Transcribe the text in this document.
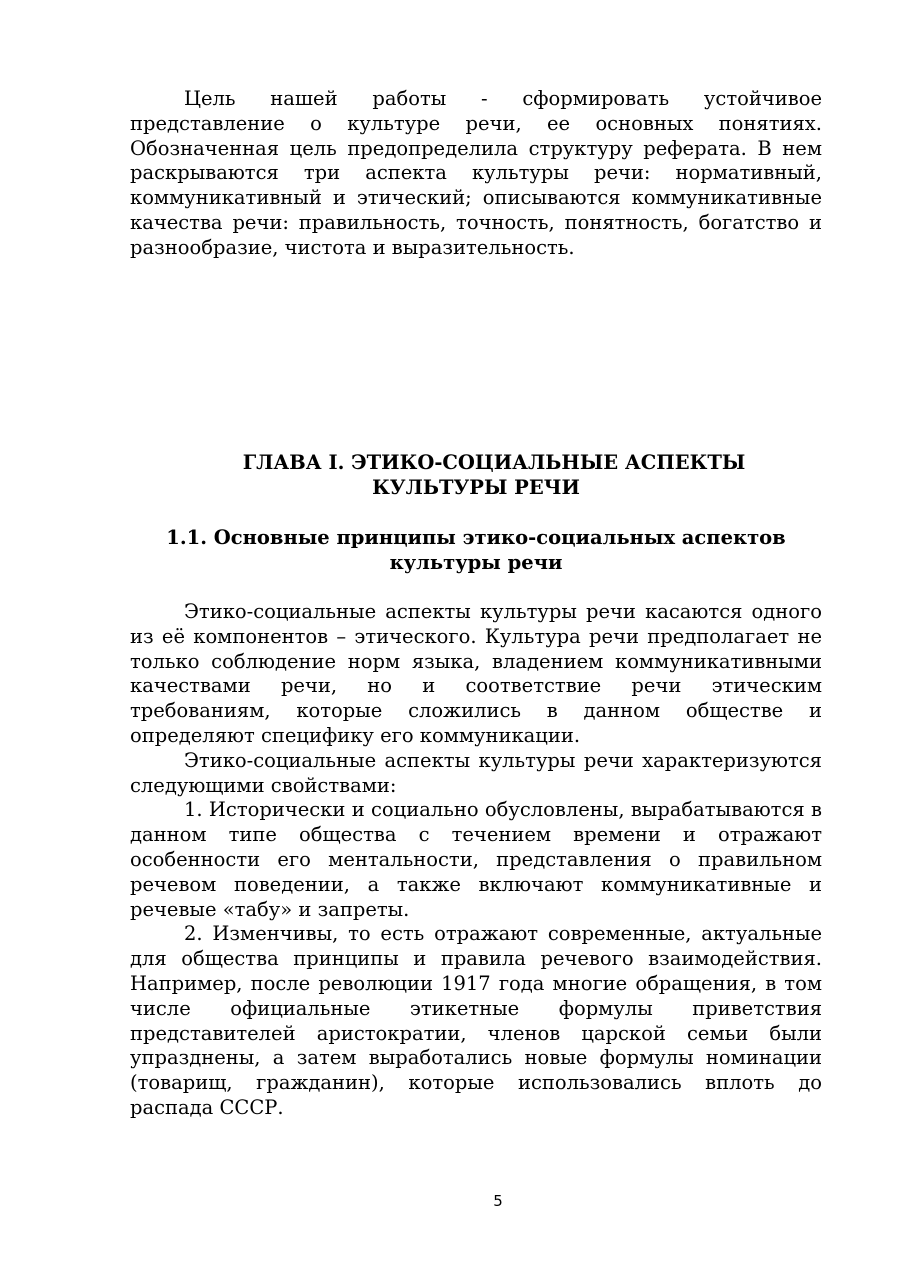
Цель нашей работы - сформировать устойчивое представление о культуре речи, ее основных понятиях. Обозначенная цель предопределила структуру реферата. В нем раскрываются три аспекта культуры речи: нормативный, коммуникативный и этический; описываются коммуникативные качества речи: правильность, точность, понятность, богатство и разнообразие, чистота и выразительность.

ГЛАВА I. ЭТИКО-СОЦИАЛЬНЫЕ АСПЕКТЫ
КУЛЬТУРЫ РЕЧИ
1.1. Основные принципы этико-социальных аспектов культуры речи

Этико-социальные аспекты культуры речи касаются одного из её компонентов – этического. Культура речи предполагает не только соблюдение норм языка, владением коммуникативными качествами речи, но и соответствие речи этическим требованиям, которые сложились в данном обществе и определяют специфику его коммуникации.

Этико-социальные аспекты культуры речи характеризуются следующими свойствами:

1. Исторически и социально обусловлены, вырабатываются в данном типе общества с течением времени и отражают особенности его ментальности, представления о правильном речевом поведении, а также включают коммуникативные и речевые «табу» и запреты.

2. Изменчивы, то есть отражают современные, актуальные для общества принципы и правила речевого взаимодействия. Например, после революции 1917 года многие обращения, в том числе официальные этикетные формулы приветствия представителей аристократии, членов царской семьи были упразднены, а затем выработались новые формулы номинации (товарищ, гражданин), которые использовались вплоть до распада СССР.

5
